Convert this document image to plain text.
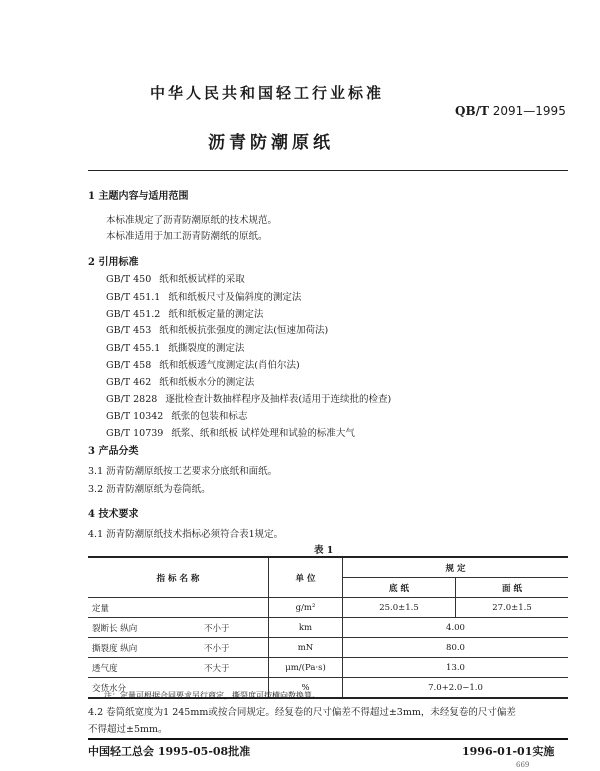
中华人民共和国轻工行业标准
QB/T 2091—1995
沥青防潮原纸
1 主题内容与适用范围
本标准规定了沥青防潮原纸的技术规范。
本标准适用于加工沥青防潮纸的原纸。
2 引用标准
GB/T 450 纸和纸板试样的采取
GB/T 451.1 纸和纸板尺寸及偏斜度的测定法
GB/T 451.2 纸和纸板定量的测定法
GB/T 453 纸和纸板抗张强度的测定法(恒速加荷法)
GB/T 455.1 纸撕裂度的测定法
GB/T 458 纸和纸板透气度测定法(肖伯尔法)
GB/T 462 纸和纸板水分的测定法
GB/T 2828 逐批检查计数抽样程序及抽样表(适用于连续批的检查)
GB/T 10342 纸张的包装和标志
GB/T 10739 纸浆、纸和纸板 试样处理和试验的标准大气
3 产品分类
3.1 沥青防潮原纸按工艺要求分底纸和面纸。
3.2 沥青防潮原纸为卷筒纸。
4 技术要求
4.1 沥青防潮原纸技术指标必须符合表1规定。
表 1
指 标 名 称		单 位	规 定	
			底 纸	面 纸
定量		g/m²	25.0±1.5	27.0±1.5
裂断长 纵向	不小于	km	4.00	
撕裂度 纵向	不小于	mN	80.0	
透气度	不大于	μm/(Pa·s)	13.0	
交货水分		%	7.0+2.0−1.0	
注：定量可根据合同要求另行商定，撕裂度可按横向数换算。
4.2 卷筒纸宽度为1 245mm或按合同规定。经复卷的尺寸偏差不得超过±3mm，未经复卷的尺寸偏差
不得超过±5mm。
中国轻工总会 1995-05-08批准	1996-01-01实施
669
